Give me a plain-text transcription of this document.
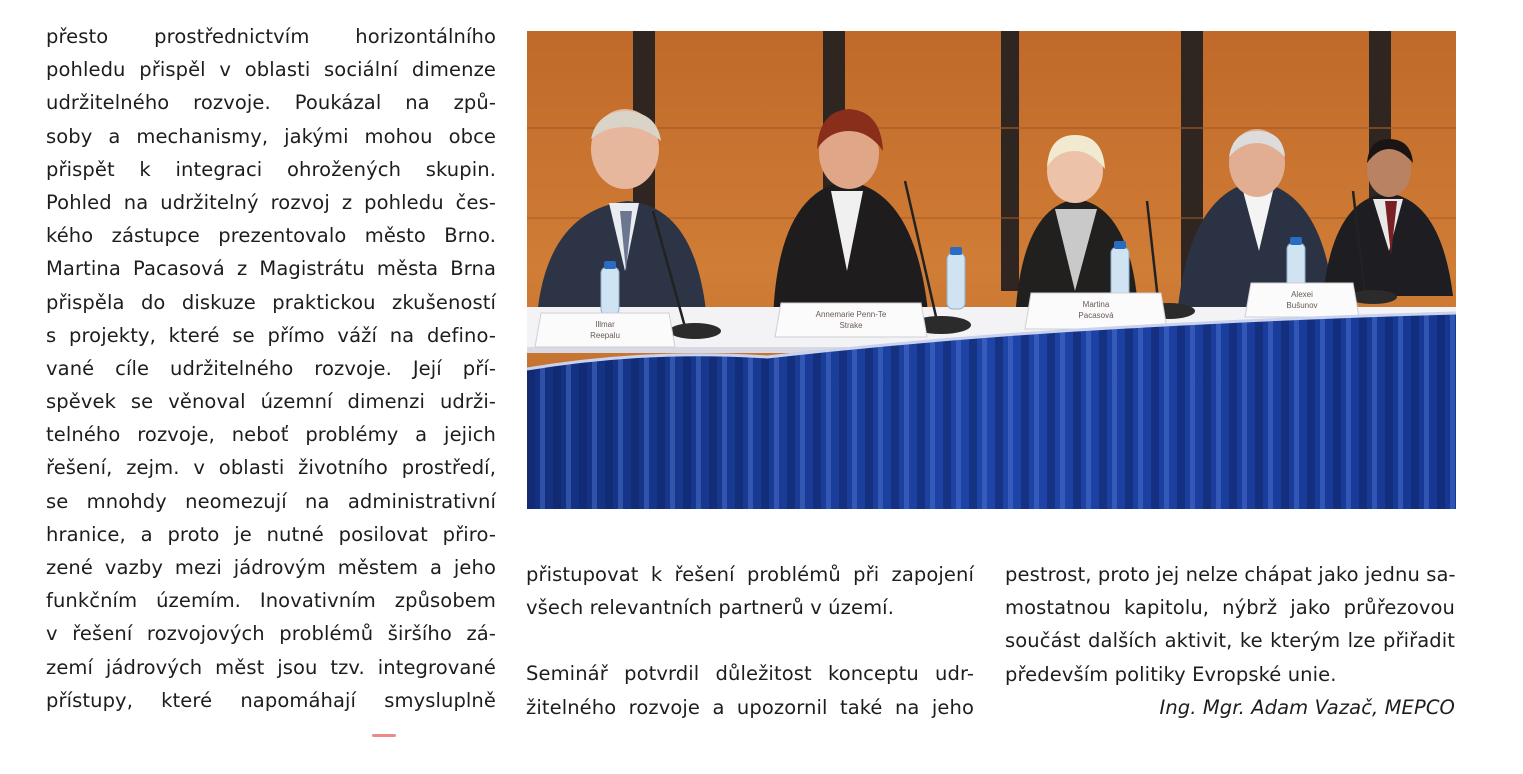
přesto prostřednictvím horizontálního
pohledu přispěl v oblasti sociální dimenze
udržitelného rozvoje. Poukázal na způ-
soby a mechanismy, jakými mohou obce
přispět k integraci ohrožených skupin.
Pohled na udržitelný rozvoj z pohledu čes-
kého zástupce prezentovalo město Brno.
Martina Pacasová z Magistrátu města Brna
přispěla do diskuze praktickou zkušeností
s projekty, které se přímo váží na defino-
vané cíle udržitelného rozvoje. Její pří-
spěvek se věnoval územní dimenzi udrži-
telného rozvoje, neboť problémy a jejich
řešení, zejm. v oblasti životního prostředí,
se mnohdy neomezují na administrativní
hranice, a proto je nutné posilovat přiro-
zené vazby mezi jádrovým městem a jeho
funkčním územím. Inovativním způsobem
v řešení rozvojových problémů širšího zá-
zemí jádrových měst jsou tzv. integrované
přístupy, které napomáhají smysluplně
Illmar
Reepalu
Annemarie Penn-Te
Strake
Martina
Pacasová
Alexei
Bušunov
přistupovat k řešení problémů při zapojení
všech relevantních partnerů v území.
Seminář potvrdil důležitost konceptu udr-
žitelného rozvoje a upozornil také na jeho
pestrost, proto jej nelze chápat jako jednu sa-
mostatnou kapitolu, nýbrž jako průřezovou
součást dalších aktivit, ke kterým lze přiřadit
především politiky Evropské unie.
Ing. Mgr. Adam Vazač, MEPCO
